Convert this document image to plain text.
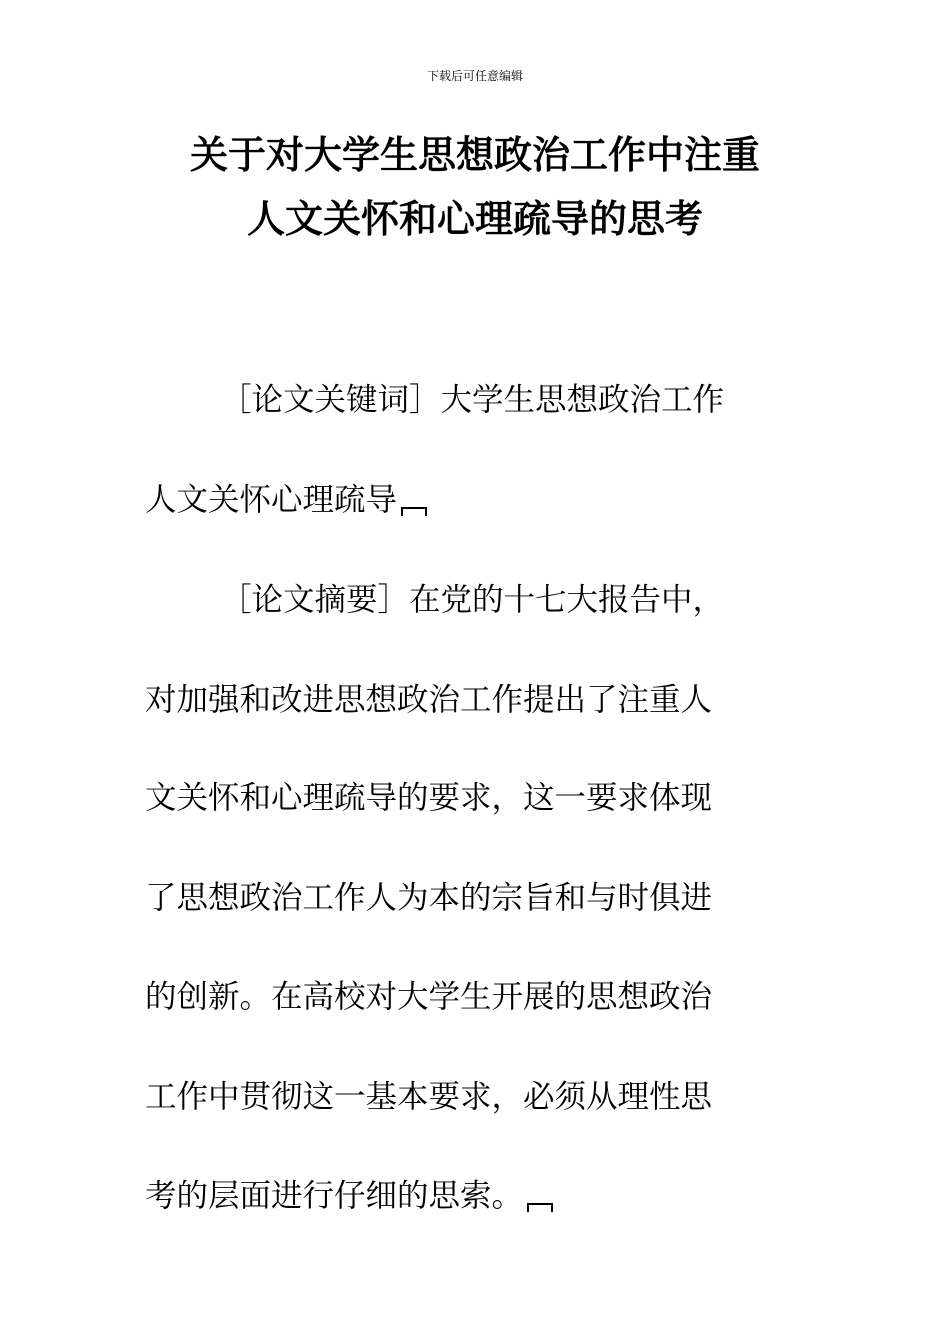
下载后可任意编辑
关于对大学生思想政治工作中注重
人文关怀和心理疏导的思考
［论文关键词］大学生思想政治工作
人文关怀心理疏导
［论文摘要］在党的十七大报告中，
对加强和改进思想政治工作提出了注重人
文关怀和心理疏导的要求，这一要求体现
了思想政治工作人为本的宗旨和与时俱进
的创新。在高校对大学生开展的思想政治
工作中贯彻这一基本要求，必须从理性思
考的层面进行仔细的思索。
